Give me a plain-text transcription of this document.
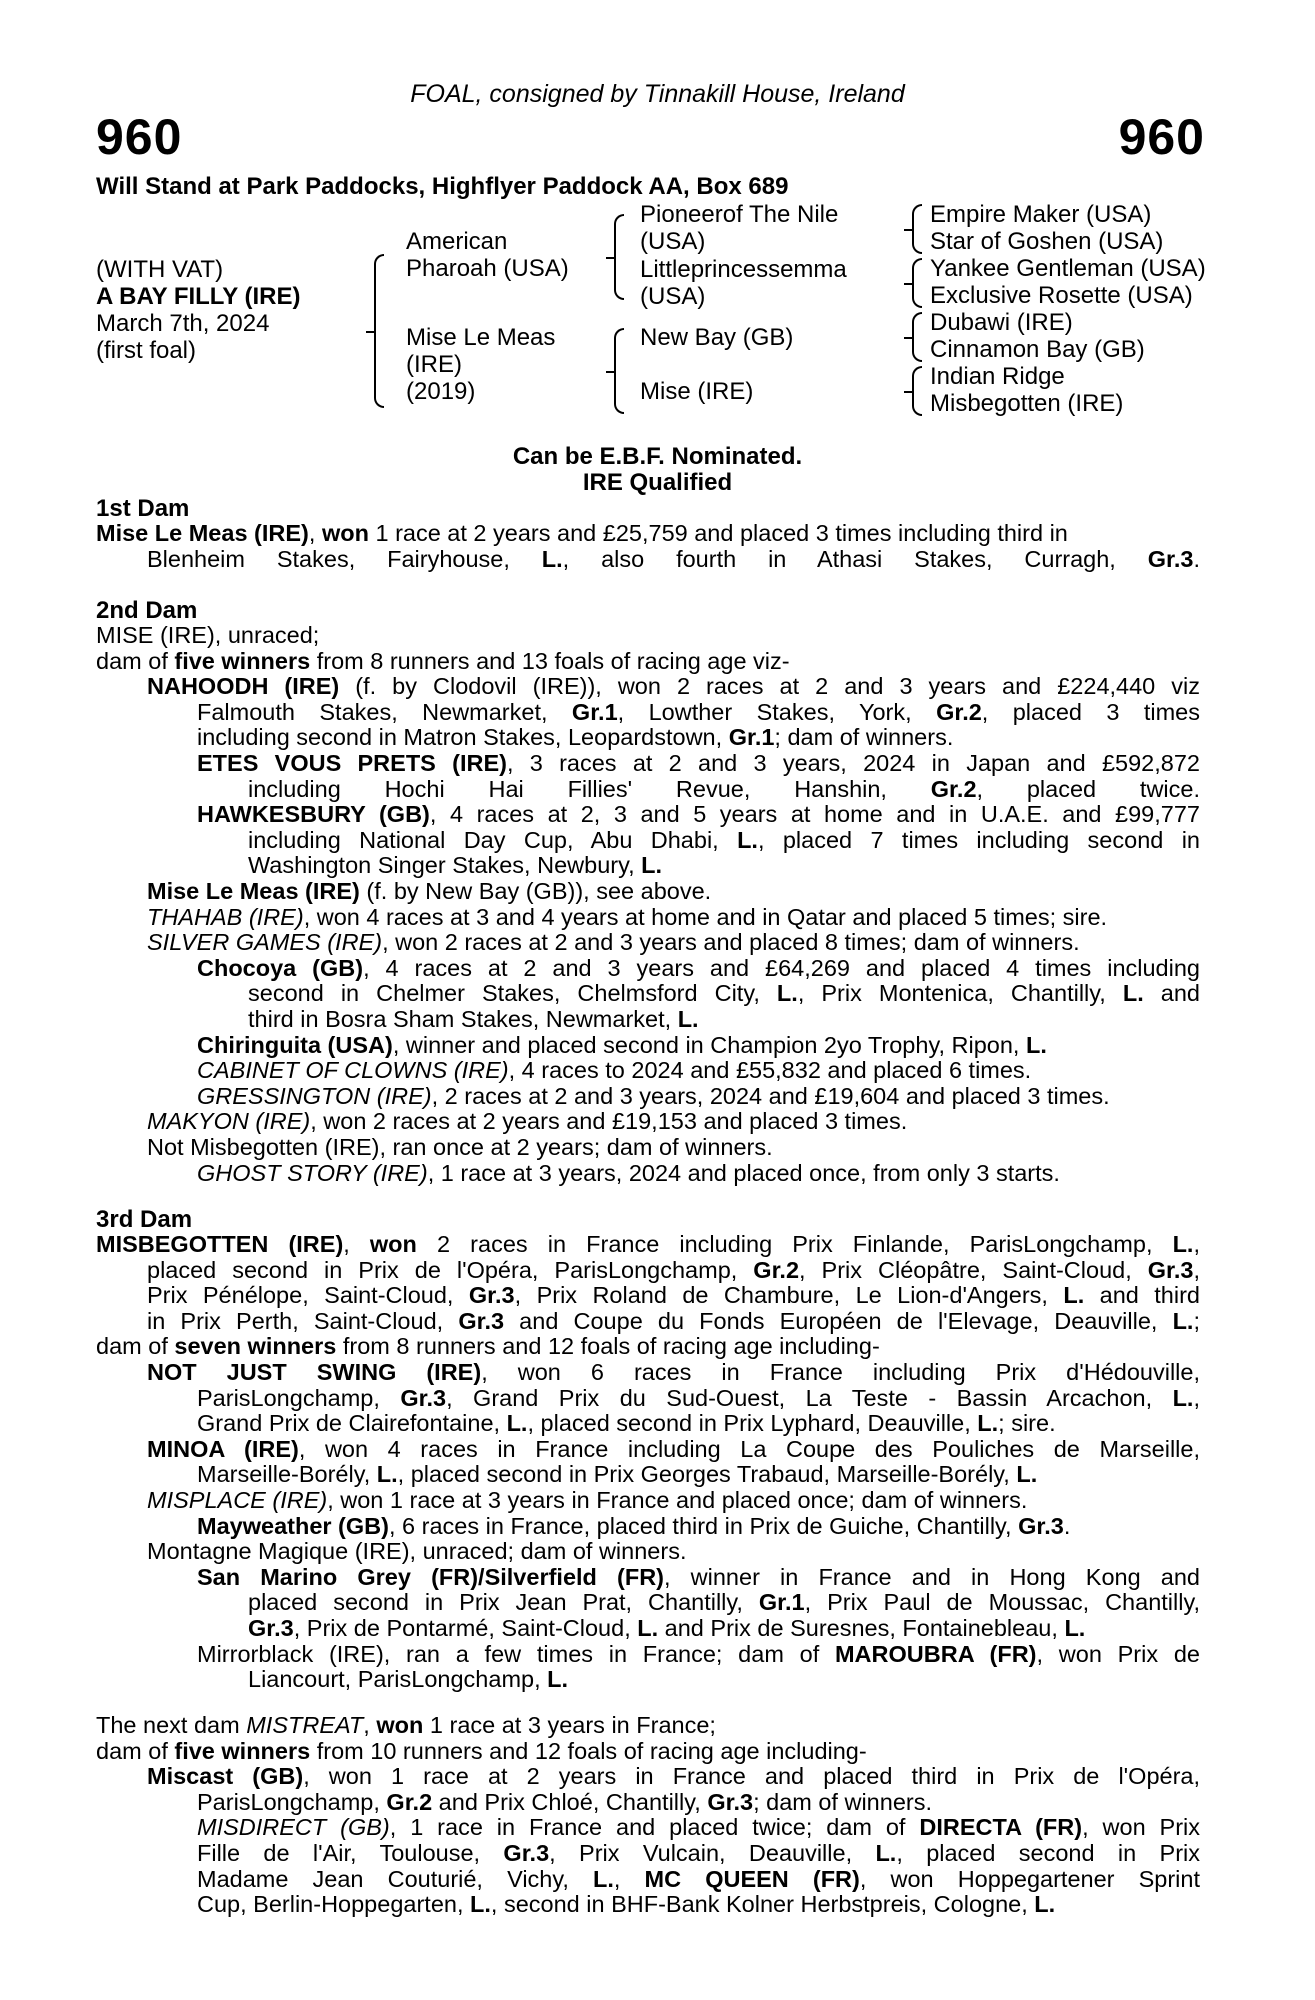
FOAL, consigned by Tinnakill House, Ireland
960	960
Will Stand at Park Paddocks, Highflyer Paddock AA, Box 689
(WITH VAT)
A BAY FILLY (IRE)
March 7th, 2024
(first foal)
American
Pharoah (USA)
Mise Le Meas
(IRE)
(2019)
Pioneerof The Nile
(USA)
Littleprincessemma
(USA)
New Bay (GB)
Mise (IRE)
Empire Maker (USA)
Star of Goshen (USA)
Yankee Gentleman (USA)
Exclusive Rosette (USA)
Dubawi (IRE)
Cinnamon Bay (GB)
Indian Ridge
Misbegotten (IRE)
Can be E.B.F. Nominated.
IRE Qualified
1st Dam
Mise Le Meas (IRE), won 1 race at 2 years and £25,759 and placed 3 times including third in
Blenheim Stakes, Fairyhouse, L., also fourth in Athasi Stakes, Curragh, Gr.3.
2nd Dam
MISE (IRE), unraced;
dam of five winners from 8 runners and 13 foals of racing age viz-
NAHOODH (IRE) (f. by Clodovil (IRE)), won 2 races at 2 and 3 years and £224,440 viz
Falmouth Stakes, Newmarket, Gr.1, Lowther Stakes, York, Gr.2, placed 3 times
including second in Matron Stakes, Leopardstown, Gr.1; dam of winners.
ETES VOUS PRETS (IRE), 3 races at 2 and 3 years, 2024 in Japan and £592,872
including Hochi Hai Fillies' Revue, Hanshin, Gr.2, placed twice.
HAWKESBURY (GB), 4 races at 2, 3 and 5 years at home and in U.A.E. and £99,777
including National Day Cup, Abu Dhabi, L., placed 7 times including second in
Washington Singer Stakes, Newbury, L.
Mise Le Meas (IRE) (f. by New Bay (GB)), see above.
THAHAB (IRE), won 4 races at 3 and 4 years at home and in Qatar and placed 5 times; sire.
SILVER GAMES (IRE), won 2 races at 2 and 3 years and placed 8 times; dam of winners.
Chocoya (GB), 4 races at 2 and 3 years and £64,269 and placed 4 times including
second in Chelmer Stakes, Chelmsford City, L., Prix Montenica, Chantilly, L. and
third in Bosra Sham Stakes, Newmarket, L.
Chiringuita (USA), winner and placed second in Champion 2yo Trophy, Ripon, L.
CABINET OF CLOWNS (IRE), 4 races to 2024 and £55,832 and placed 6 times.
GRESSINGTON (IRE), 2 races at 2 and 3 years, 2024 and £19,604 and placed 3 times.
MAKYON (IRE), won 2 races at 2 years and £19,153 and placed 3 times.
Not Misbegotten (IRE), ran once at 2 years; dam of winners.
GHOST STORY (IRE), 1 race at 3 years, 2024 and placed once, from only 3 starts.
3rd Dam
MISBEGOTTEN (IRE), won 2 races in France including Prix Finlande, ParisLongchamp, L.,
placed second in Prix de l'Opéra, ParisLongchamp, Gr.2, Prix Cléopâtre, Saint-Cloud, Gr.3,
Prix Pénélope, Saint-Cloud, Gr.3, Prix Roland de Chambure, Le Lion-d'Angers, L. and third
in Prix Perth, Saint-Cloud, Gr.3 and Coupe du Fonds Européen de l'Elevage, Deauville, L.;
dam of seven winners from 8 runners and 12 foals of racing age including-
NOT JUST SWING (IRE), won 6 races in France including Prix d'Hédouville,
ParisLongchamp, Gr.3, Grand Prix du Sud-Ouest, La Teste - Bassin Arcachon, L.,
Grand Prix de Clairefontaine, L., placed second in Prix Lyphard, Deauville, L.; sire.
MINOA (IRE), won 4 races in France including La Coupe des Pouliches de Marseille,
Marseille-Borély, L., placed second in Prix Georges Trabaud, Marseille-Borély, L.
MISPLACE (IRE), won 1 race at 3 years in France and placed once; dam of winners.
Mayweather (GB), 6 races in France, placed third in Prix de Guiche, Chantilly, Gr.3.
Montagne Magique (IRE), unraced; dam of winners.
San Marino Grey (FR)/Silverfield (FR), winner in France and in Hong Kong and
placed second in Prix Jean Prat, Chantilly, Gr.1, Prix Paul de Moussac, Chantilly,
Gr.3, Prix de Pontarmé, Saint-Cloud, L. and Prix de Suresnes, Fontainebleau, L.
Mirrorblack (IRE), ran a few times in France; dam of MAROUBRA (FR), won Prix de
Liancourt, ParisLongchamp, L.
The next dam MISTREAT, won 1 race at 3 years in France;
dam of five winners from 10 runners and 12 foals of racing age including-
Miscast (GB), won 1 race at 2 years in France and placed third in Prix de l'Opéra,
ParisLongchamp, Gr.2 and Prix Chloé, Chantilly, Gr.3; dam of winners.
MISDIRECT (GB), 1 race in France and placed twice; dam of DIRECTA (FR), won Prix
Fille de l'Air, Toulouse, Gr.3, Prix Vulcain, Deauville, L., placed second in Prix
Madame Jean Couturié, Vichy, L., MC QUEEN (FR), won Hoppegartener Sprint
Cup, Berlin-Hoppegarten, L., second in BHF-Bank Kolner Herbstpreis, Cologne, L.
